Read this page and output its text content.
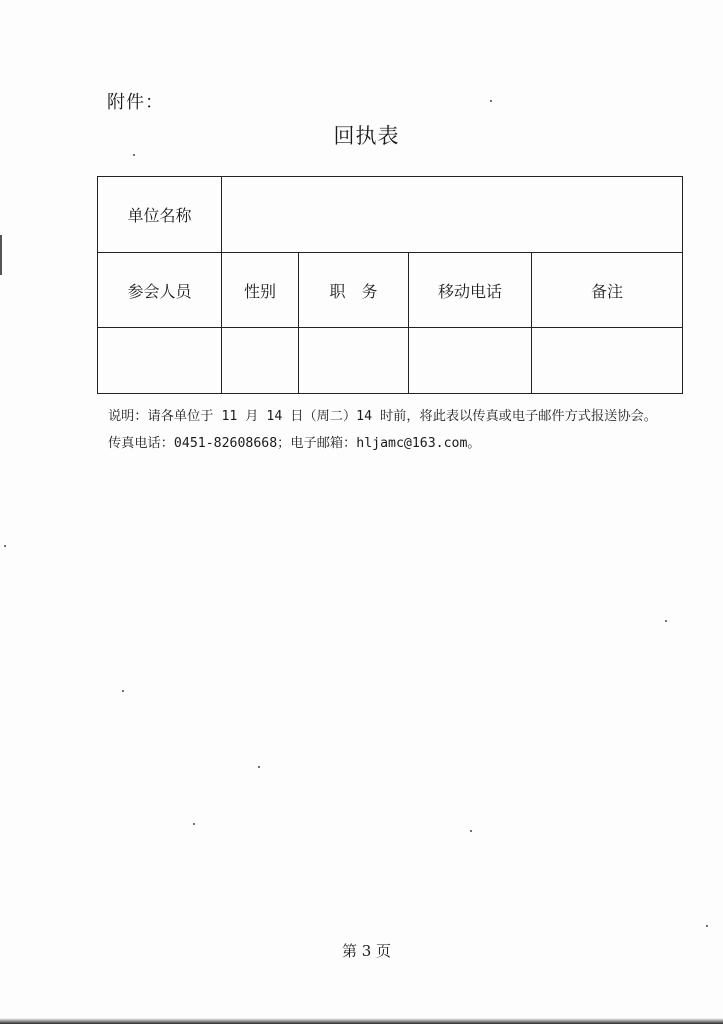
附件：
回执表
单位名称				
参会人员	性别	职　务	移动电话	备注

说明：请各单位于 11 月 14 日（周二）14 时前，将此表以传真或电子邮件方式报送协会。
传真电话：0451-82608668；电子邮箱：hljamc@163.com。
第 3 页
